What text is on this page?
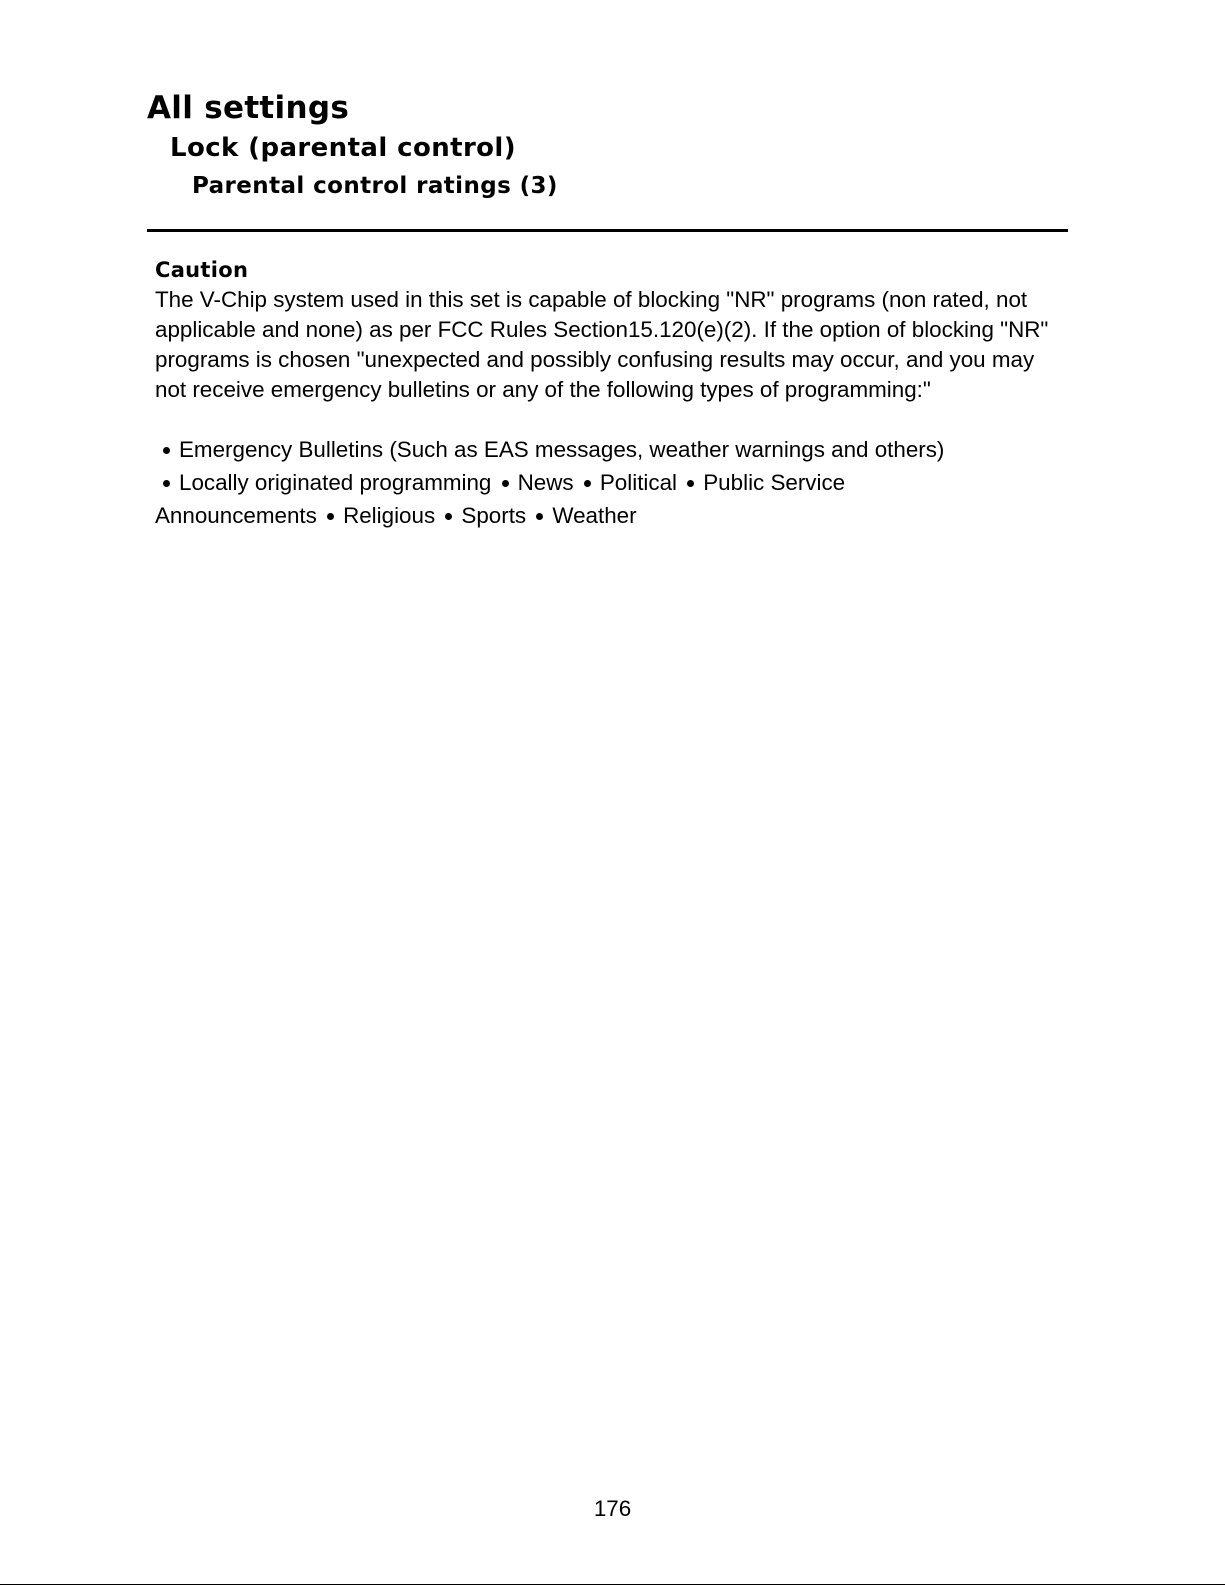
All settings
Lock (parental control)
Parental control ratings (3)
Caution

The V-Chip system used in this set is capable of blocking "NR" programs (non rated, not applicable and none) as per FCC Rules Section15.120(e)(2). If the option of blocking "NR" programs is chosen "unexpected and possibly confusing results may occur, and you may not receive emergency bulletins or any of the following types of programming:"

Emergency Bulletins (Such as EAS messages, weather warnings and others)
Locally originated programming News Political Public Service
Announcements Religious Sports Weather
176
